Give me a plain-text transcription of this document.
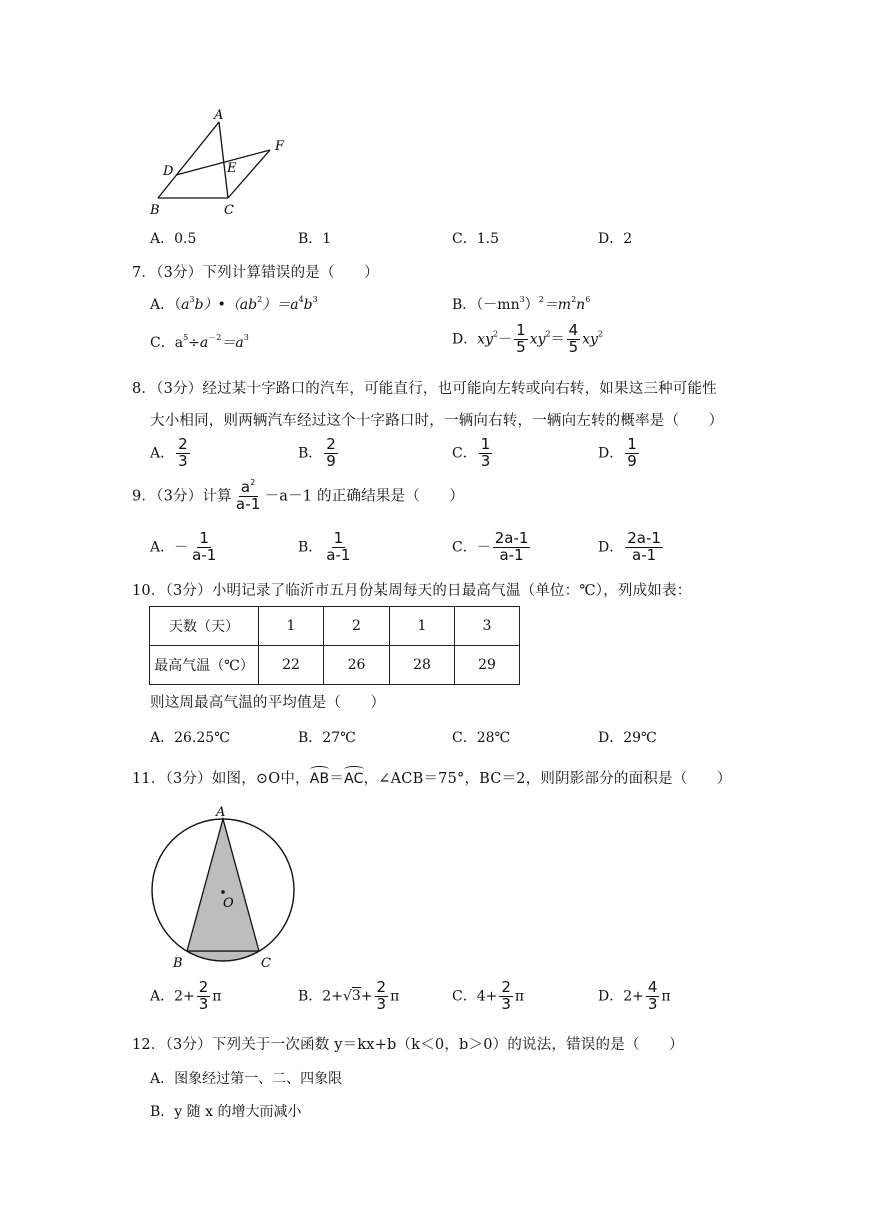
A
D	E
F
B	C
A．0.5	B．1	C．1.5	D．2
7．（3分）下列计算错误的是（　　）
A．$(a^3b)•(ab^2)=a^4b^3$	B．$(-mn^3)^2=m^2n^6$
C．$a^5\div a^{-2}=a^3$	D．$xy^2- \frac{1}{5} xy^2= \frac{4}{5} xy^2$
8．（3分）经过某十字路口的汽车，可能直行，也可能向左转或向右转，如果这三种可能性
大小相同，则两辆汽车经过这个十字路口时，一辆向右转，一辆向左转的概率是（　　）
A． $\frac{2}{3}$	B． $\frac{2}{9}$	C． $\frac{1}{3}$	D． $\frac{1}{9}$
9．（3分）计算 $\frac{a^2}{a-1} -a-1$ 的正确结果是（　　）
A．－ $\frac{1}{a-1}$	B． $\frac{1}{a-1}$	C．－ $\frac{2a-1}{a-1}$	D． $\frac{2a-1}{a-1}$
10．（3分）小明记录了临沂市五月份某周每天的日最高气温（单位：℃），列成如表：
天数（天）	1	2	1	3
最高气温（℃）	22	26	28	29
则这周最高气温的平均值是（　　）
A．26.25℃	B．27℃	C．28℃	D．29℃
11．（3分）如图，⊙O中，AB＝AC，∠ACB＝75°，BC＝2，则阴影部分的面积是（　　）
A
O
B	C
A．$2+ \frac{2}{3}$ π	B．$2+√3+ \frac{2}{3}$ π	C．$4+ \frac{2}{3}$ π	D．$2+ \frac{4}{3}$ π
12．（3分）下列关于一次函数 y＝kx+b（k＜0，b＞0）的说法，错误的是（　　）
A．图象经过第一、二、四象限
B．y 随 x 的增大而减小
